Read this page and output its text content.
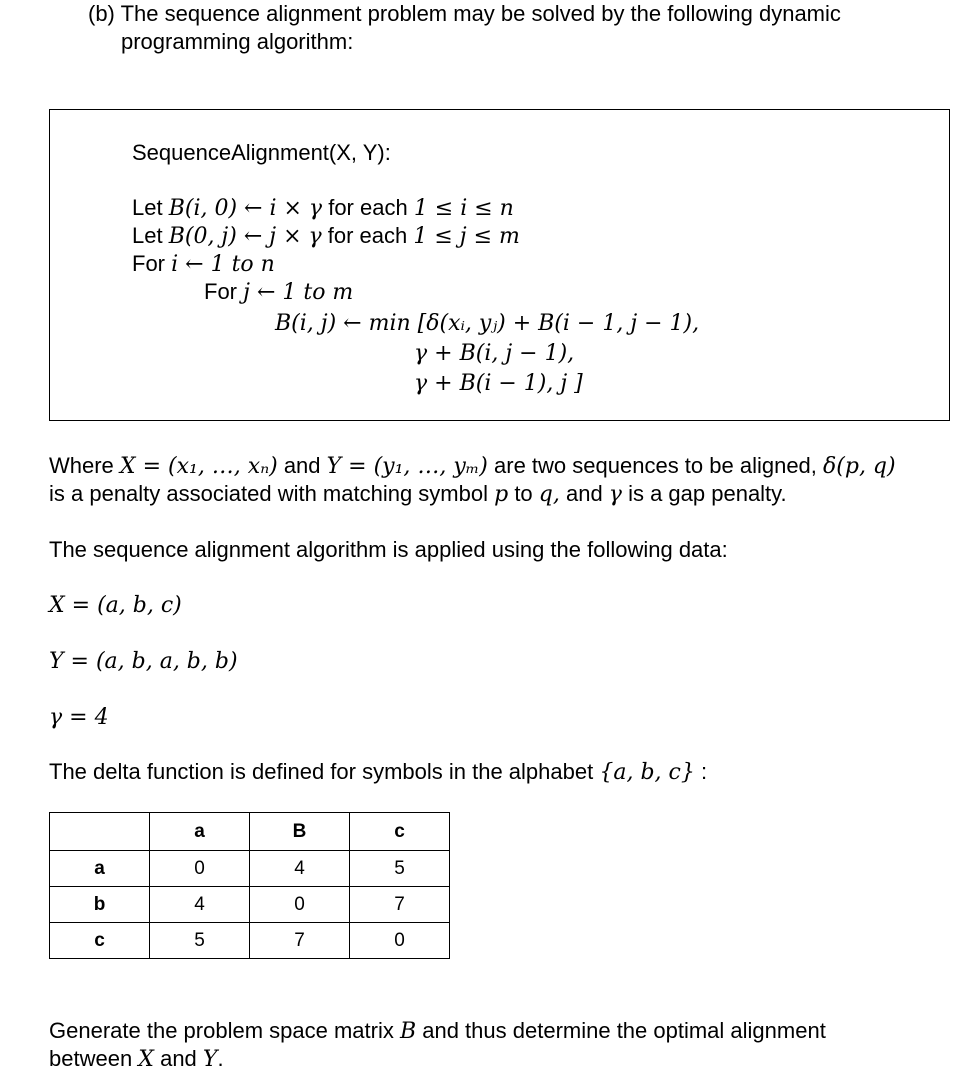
(b) The sequence alignment problem may be solved by the following dynamic
programming algorithm:
SequenceAlignment(X, Y):
Let B(i, 0) ← i × γ for each 1 ≤ i ≤ n
Let B(0, j) ← j × γ for each 1 ≤ j ≤ m
For i ← 1 to n
For j ← 1 to m
B(i, j) ← min [δ(xᵢ, yⱼ) + B(i − 1, j − 1),
γ + B(i, j − 1),
γ + B(i − 1), j ]
Where X = (x₁, …, xₙ) and Y = (y₁, …, yₘ) are two sequences to be aligned, δ(p, q)
is a penalty associated with matching symbol p to q, and γ is a gap penalty.
The sequence alignment algorithm is applied using the following data:
X = (a, b, c)
Y = (a, b, a, b, b)
γ = 4
The delta function is defined for symbols in the alphabet {a, b, c} :
	a	B	c
a	0	4	5
b	4	0	7
c	5	7	0
Generate the problem space matrix B and thus determine the optimal alignment
between X and Y.
